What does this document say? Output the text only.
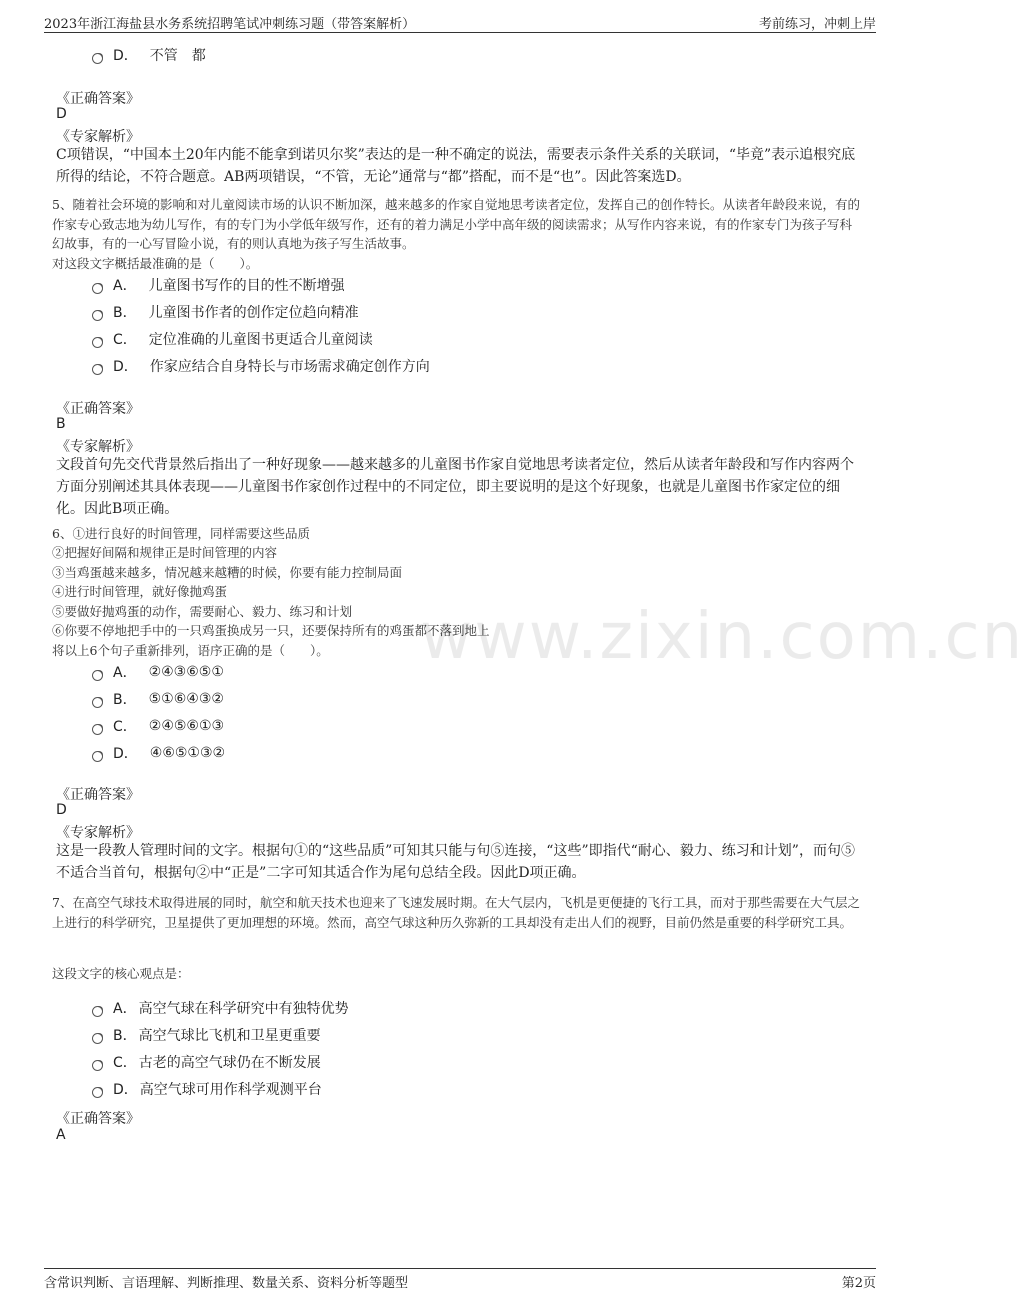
2023年浙江海盐县水务系统招聘笔试冲刺练习题（带答案解析）	考前练习，冲刺上岸
www.zixin.com.cn
D． 不管　都
《正确答案》
D
《专家解析》
C项错误，“中国本土20年内能不能拿到诺贝尔奖”表达的是一种不确定的说法，需要表示条件关系的关联词，“毕竟”表示追根究底所得的结论，不符合题意。AB两项错误，“不管，无论”通常与“都”搭配，而不是“也”。因此答案选D。
5、随着社会环境的影响和对儿童阅读市场的认识不断加深，越来越多的作家自觉地思考读者定位，发挥自己的创作特长。从读者年龄段来说，有的作家专心致志地为幼儿写作，有的专门为小学低年级写作，还有的着力满足小学中高年级的阅读需求；从写作内容来说，有的作家专门为孩子写科幻故事，有的一心写冒险小说，有的则认真地为孩子写生活故事。
对这段文字概括最准确的是（　　）。
A． 儿童图书写作的目的性不断增强
B． 儿童图书作者的创作定位趋向精准
C． 定位准确的儿童图书更适合儿童阅读
D． 作家应结合自身特长与市场需求确定创作方向
《正确答案》
B
《专家解析》
文段首句先交代背景然后指出了一种好现象——越来越多的儿童图书作家自觉地思考读者定位，然后从读者年龄段和写作内容两个方面分别阐述其具体表现——儿童图书作家创作过程中的不同定位，即主要说明的是这个好现象，也就是儿童图书作家定位的细化。因此B项正确。
6、①进行良好的时间管理，同样需要这些品质
②把握好间隔和规律正是时间管理的内容
③当鸡蛋越来越多，情况越来越糟的时候，你要有能力控制局面
④进行时间管理，就好像抛鸡蛋
⑤要做好抛鸡蛋的动作，需要耐心、毅力、练习和计划
⑥你要不停地把手中的一只鸡蛋换成另一只，还要保持所有的鸡蛋都不落到地上
将以上6个句子重新排列，语序正确的是（　　）。
A． ②④③⑥⑤①
B． ⑤①⑥④③②
C． ②④⑤⑥①③
D． ④⑥⑤①③②
《正确答案》
D
《专家解析》
这是一段教人管理时间的文字。根据句①的“这些品质”可知其只能与句⑤连接，“这些”即指代“耐心、毅力、练习和计划”，而句⑤不适合当首句，根据句②中“正是”二字可知其适合作为尾句总结全段。因此D项正确。
7、在高空气球技术取得进展的同时，航空和航天技术也迎来了飞速发展时期。在大气层内，飞机是更便捷的飞行工具，而对于那些需要在大气层之上进行的科学研究，卫星提供了更加理想的环境。然而，高空气球这种历久弥新的工具却没有走出人们的视野，目前仍然是重要的科学研究工具。
这段文字的核心观点是：
A． 高空气球在科学研究中有独特优势
B． 高空气球比飞机和卫星更重要
C． 古老的高空气球仍在不断发展
D． 高空气球可用作科学观测平台
《正确答案》
A
含常识判断、言语理解、判断推理、数量关系、资料分析等题型	第2页
